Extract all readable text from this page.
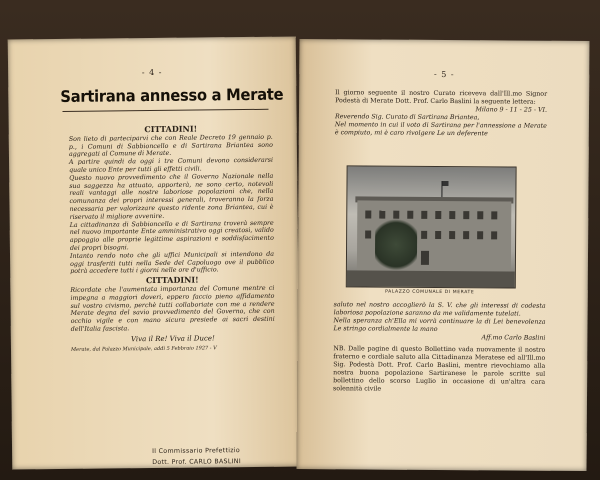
- 4 -
Sartirana annesso a Merate
CITTADINI!

Son lieto di parteciparvi che con Reale Decreto 19 gennaio p. p., i Comuni di Sabbioncello e di Sartirana Briantea sono aggregati al Comune di Merate.

A partire quindi da oggi i tre Comuni devono considerarsi quale unico Ente per tutti gli effetti civili.

Questo nuovo provvedimento che il Governo Nazionale nella sua saggezza ha attuato, apporterà, ne sono certo, notevoli reali vantaggi alle nostre laboriose popolazioni che, nella comunanza dei propri interessi generali, troveranno la forza necessaria per valorizzare questo ridente zona Briantea, cui è riservato il migliore avvenire.

La cittadinanza di Sabbioncello e di Sartirana troverà sempre nel nuovo importante Ente amministrativo oggi creatosi, valido appoggio alle proprie legittime aspirazioni e soddisfacimento dei propri bisogni.

Intanto rendo noto che gli uffici Municipali si intendono da oggi trasferiti tutti nella Sede del Capoluogo ove il pubblico potrà accedere tutti i giorni nelle ore d'ufficio.

CITTADINI!

Ricordate che l'aumentata importanza del Comune mentre ci impegna a maggiori doveri, eppero faccio pieno affidamento sul vostro civismo, perchè tutti collaboriate con me a rendere Merate degna del savio provvedimento del Governo, che con occhio vigile e con mano sicura presiede ai sacri destini dell'Italia fascista.

Viva il Re! Viva il Duce!
Merate, dal Palazzo Municipale, addì 5 Febbraio 1927 - V
Il Commissario Prefettizio
Dott. Prof. CARLO BASLINI
- 5 -

Il giorno seguente il nostro Curato riceveva dall'Ill.mo Signor Podestà di Merate Dott. Prof. Carlo Baslini la seguente lettera:

Milano 9 - 11 - 25 - VI.

Reverendo Sig. Curato di Sartirana Briantea,

Nel momento in cui il voto di Sartirana per l'annessione a Merate è compiuto, mi è caro rivolgere Le un deferente

PALAZZO COMUNALE DI MERATE

saluto nel nostro accoglierò la S. V. che gli interessi di codesta laboriosa popolazione saranno da me validamente tutelati.

Nella speranza ch'Ella mi vorrà continuare la di Lei benevolenza Le stringo cordialmente la mano

Aff.mo Carlo Baslini

NB. Dalle pagine di questo Bollettino vada nuovamente il nostro fraterno e cordiale saluto alla Cittadinanza Meratese ed all'Ill.mo Sig. Podestà Dott. Prof. Carlo Baslini, mentre rievochiamo alla nostra buona popolazione Sartiranese le parole scritte sul bollettino dello scorso Luglio in occasione di un'altra cara solennità civile
